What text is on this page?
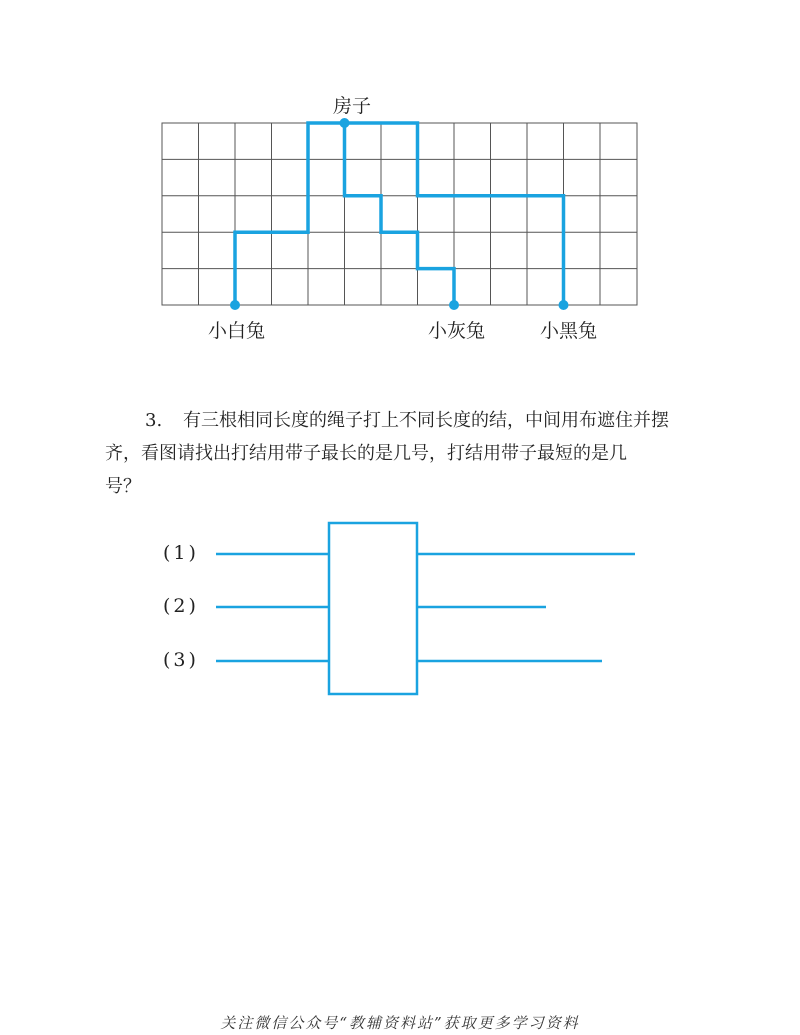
房子
小白兔	小灰兔	小黑兔
3. 有三根相同长度的绳子打上不同长度的结，中间用布遮住并摆
齐，看图请找出打结用带子最长的是几号，打结用带子最短的是几
号？
(1)
(2)
(3)
关注微信公众号“教辅资料站”获取更多学习资料
